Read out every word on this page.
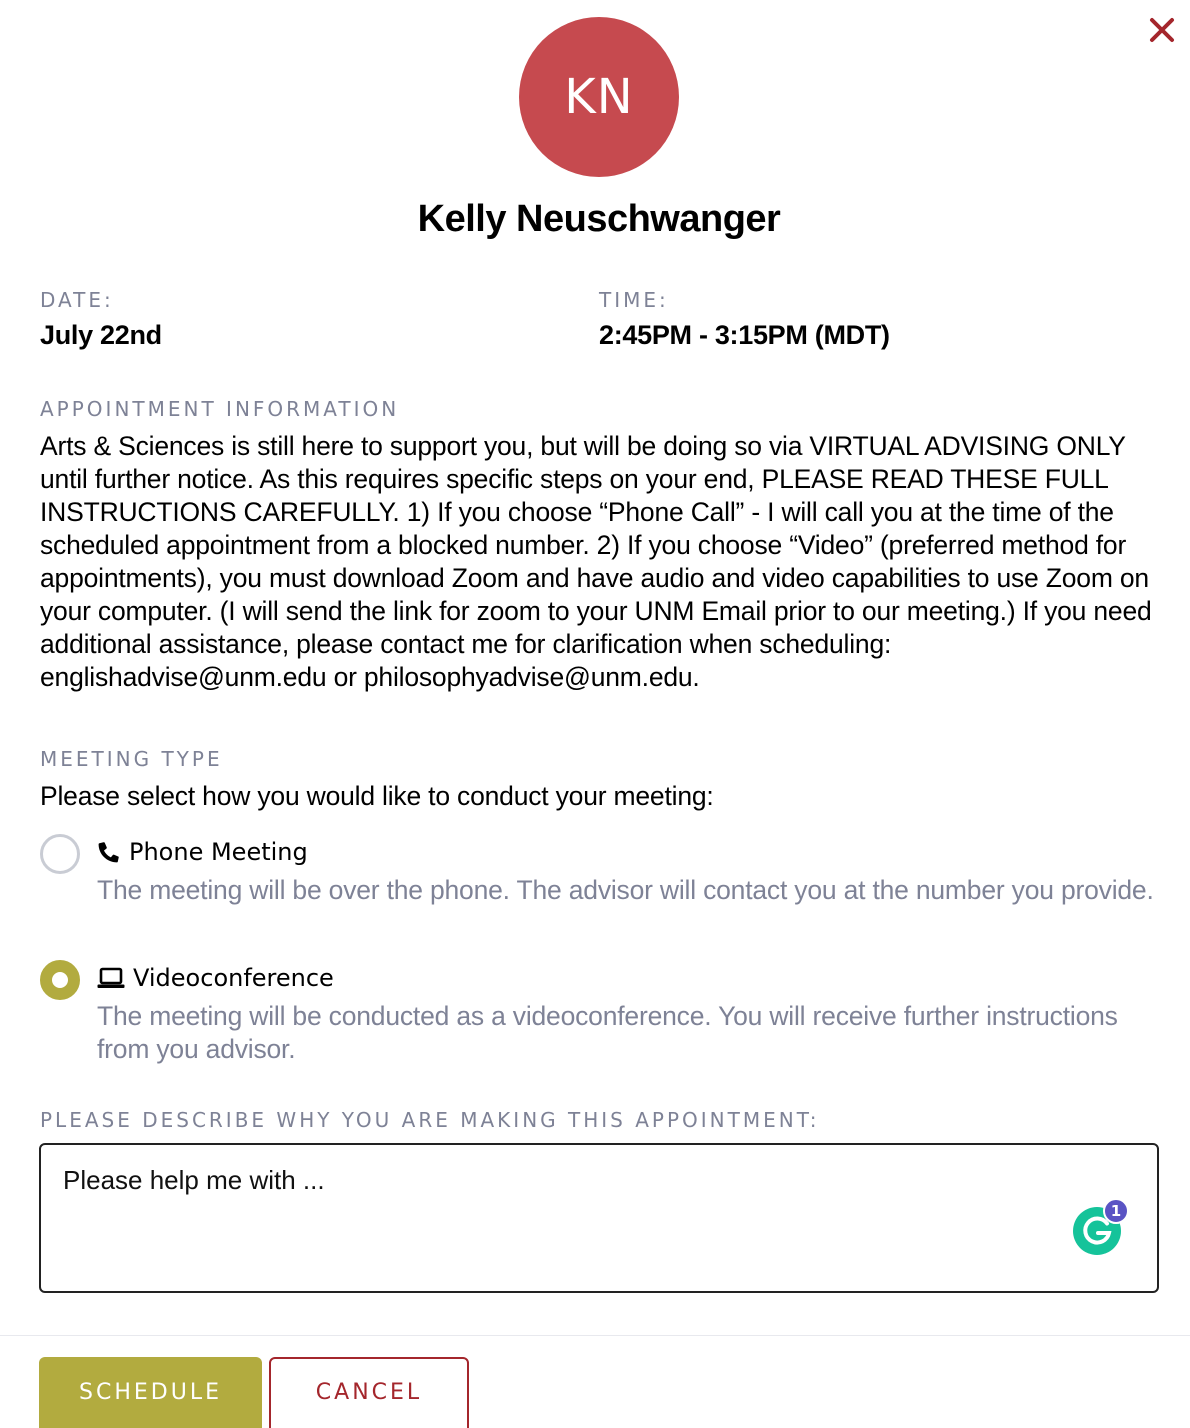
KN
Kelly Neuschwanger
DATE:
July 22nd
TIME:
2:45PM - 3:15PM (MDT)
APPOINTMENT INFORMATION
Arts & Sciences is still here to support you, but will be doing so via VIRTUAL ADVISING ONLY until further notice. As this requires specific steps on your end, PLEASE READ THESE FULL INSTRUCTIONS CAREFULLY. 1) If you choose “Phone Call” - I will call you at the time of the scheduled appointment from a blocked number. 2) If you choose “Video” (preferred method for appointments), you must download Zoom and have audio and video capabilities to use Zoom on your computer. (I will send the link for zoom to your UNM Email prior to our meeting.) If you need additional assistance, please contact me for clarification when scheduling: englishadvise@unm.edu or philosophyadvise@unm.edu.
MEETING TYPE
Please select how you would like to conduct your meeting:
Phone Meeting
The meeting will be over the phone. The advisor will contact you at the number you provide.
Videoconference
The meeting will be conducted as a videoconference. You will receive further instructions from you advisor.
PLEASE DESCRIBE WHY YOU ARE MAKING THIS APPOINTMENT:
Please help me with ...
1
SCHEDULE	CANCEL
